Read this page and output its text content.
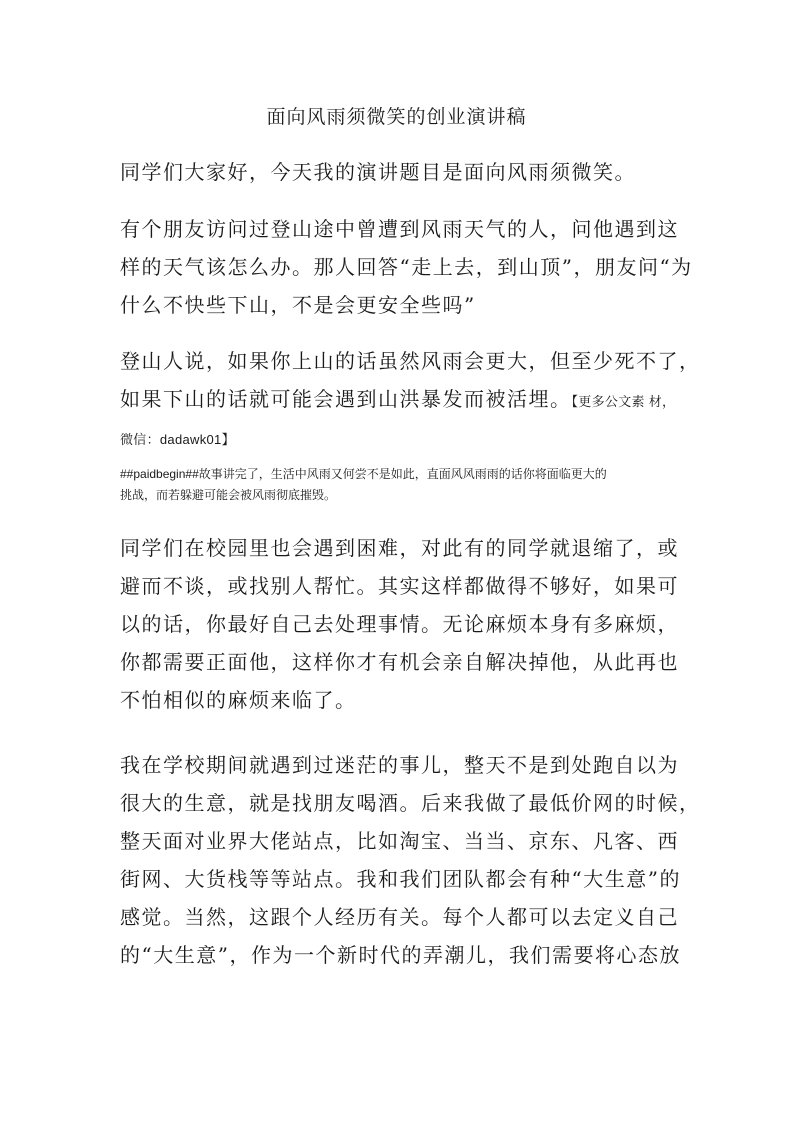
面向风雨须微笑的创业演讲稿

同学们大家好，今天我的演讲题目是面向风雨须微笑。

有个朋友访问过登山途中曾遭到风雨天气的人，问他遇到这
样的天气该怎么办。那人回答“走上去，到山顶”，朋友问“为
什么不快些下山，不是会更安全些吗”

登山人说，如果你上山的话虽然风雨会更大，但至少死不了，
如果下山的话就可能会遇到山洪暴发而被活埋。【更多公文素 材，
微信：dadawk01】

##paidbegin##故事讲完了，生活中风雨又何尝不是如此，直面风风雨雨的话你将面临更大的
挑战，而若躲避可能会被风雨彻底摧毁。

同学们在校园里也会遇到困难，对此有的同学就退缩了，或
避而不谈，或找别人帮忙。其实这样都做得不够好，如果可
以的话，你最好自己去处理事情。无论麻烦本身有多麻烦，
你都需要正面他，这样你才有机会亲自解决掉他，从此再也
不怕相似的麻烦来临了。

我在学校期间就遇到过迷茫的事儿，整天不是到处跑自以为
很大的生意，就是找朋友喝酒。后来我做了最低价网的时候，
整天面对业界大佬站点，比如淘宝、当当、京东、凡客、西
街网、大货栈等等站点。我和我们团队都会有种“大生意”的
感觉。当然，这跟个人经历有关。每个人都可以去定义自己
的“大生意”，作为一个新时代的弄潮儿，我们需要将心态放
